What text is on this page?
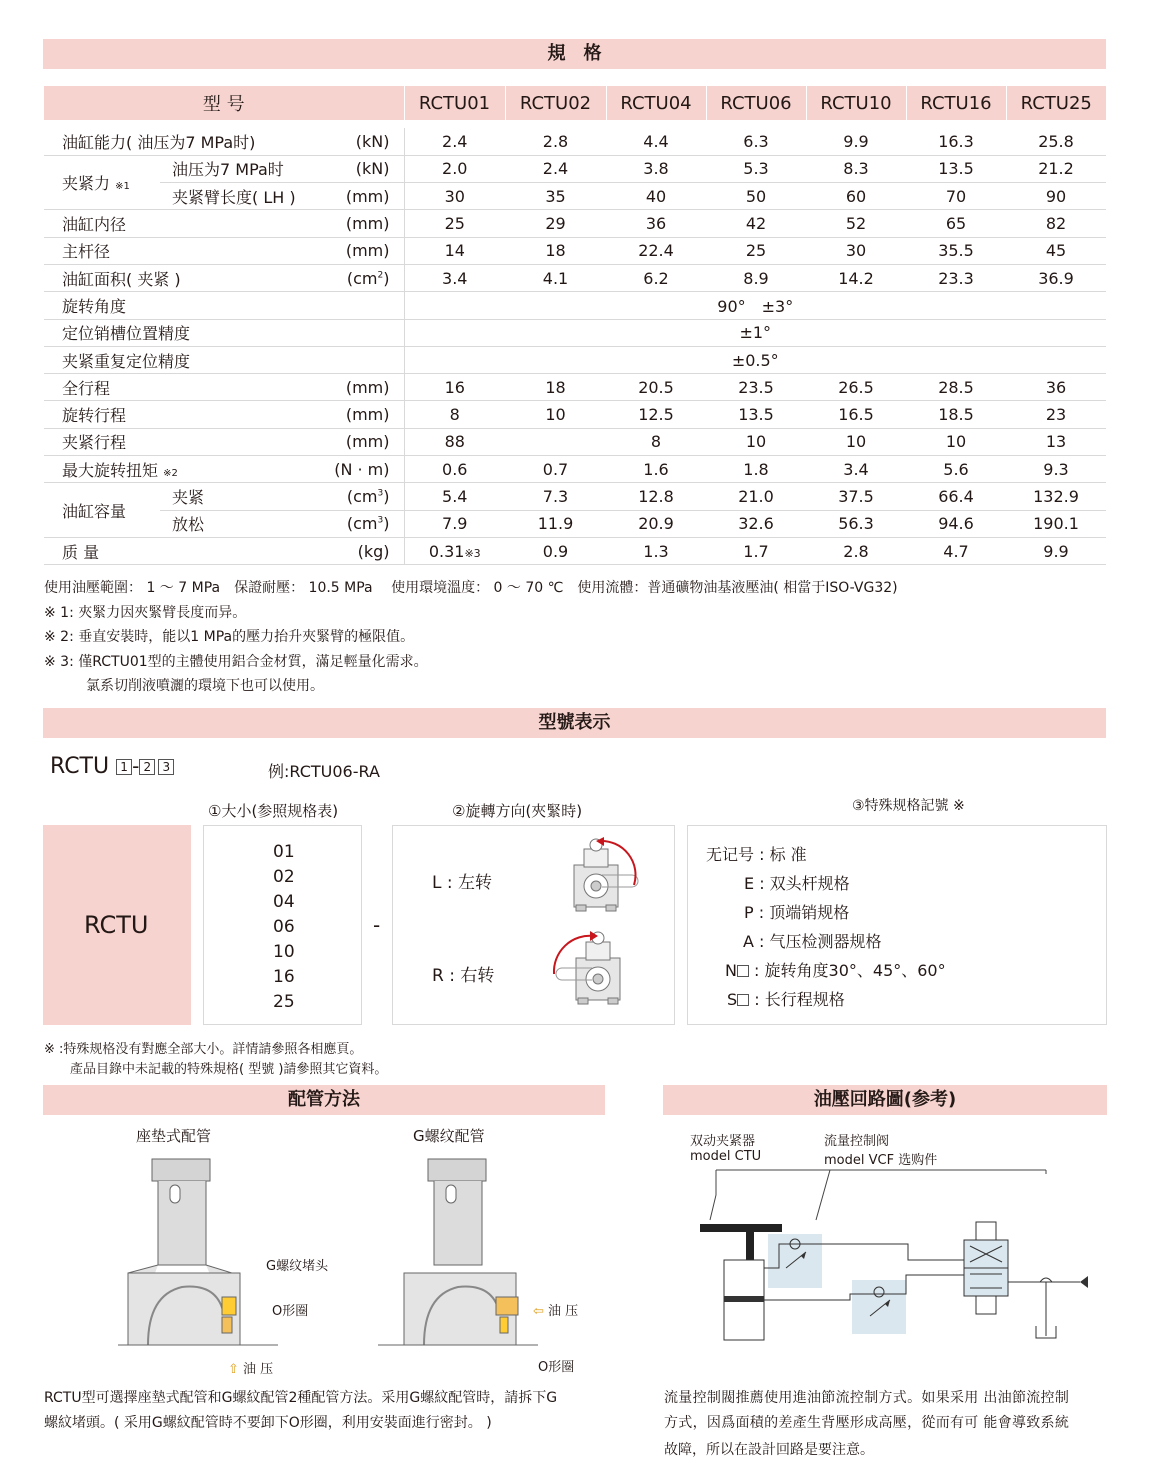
規　格
型 号			RCTU01	RCTU02	RCTU04	RCTU06	RCTU10	RCTU16	RCTU25

油缸能力( 油压为7 MPa时)		(kN)	2.4	2.8	4.4	6.3	9.9	16.3	25.8
夹紧力 ※1	油压为7 MPa时	(kN)	2.0	2.4	3.8	5.3	8.3	13.5	21.2
	夹紧臂长度( LH )	(mm)	30	35	40	50	60	70	90
油缸内径		(mm)	25	29	36	42	52	65	82
主杆径		(mm)	14	18	22.4	25	30	35.5	45
油缸面积( 夹紧 )		$(cm^2)$	3.4	4.1	6.2	8.9	14.2	23.3	36.9
旋转角度			90°　±3°						
定位销槽位置精度			±1°						
夹紧重复定位精度			±0.5°						
全行程		(mm)	16	18	20.5	23.5	26.5	28.5	36
旋转行程		(mm)	8	10	12.5	13.5	16.5	18.5	23
夹紧行程		(mm)	88		8	10	10	10	13
最大旋转扭矩 ※2		(N · m)	0.6	0.7	1.6	1.8	3.4	5.6	9.3
油缸容量	夹紧	$(cm^3)$	5.4	7.3	12.8	21.0	37.5	66.4	132.9
	放松	$(cm^3)$	7.9	11.9	20.9	32.6	56.3	94.6	190.1
质 量		(kg)	0.31※3	0.9	1.3	1.7	2.8	4.7	9.9
使用油壓範圍： 1 ～ 7 MPa　保證耐壓： 10.5 MPa　 使用環境溫度： 0 ～ 70 ℃　使用流體：普通礦物油基液壓油( 相當于ISO-VG32)
※ 1: 夾緊力因夾緊臂長度而异。
※ 2: 垂直安裝時，能以1 MPa的壓力抬升夾緊臂的極限值。
※ 3: 僅RCTU01型的主體使用鋁合金材質，滿足輕量化需求。
氯系切削液噴灑的環境下也可以使用。
型號表示
RCTU 1 - 2 3	例:RCTU06-RA
①大小(参照规格表)	②旋轉方向(夾緊時)	③特殊规格記號 ※
RCTU
01
02
04
06
10
16
25
-
L : 左转
R : 右转
无记号 : 标 准
E : 双头杆规格
P : 顶端销规格
A : 气压检测器规格
N : 旋转角度30°、45°、60°
S : 长行程规格
※ :特殊规格没有對應全部大小。詳情請參照各相應頁。
產品目錄中未記載的特殊規格( 型號 )請參照其它資料。
配管方法
座垫式配管	G螺纹配管
G螺纹堵头
O形圈
⇧ 油 压
⇦ 油 压
O形圈
RCTU型可選擇座墊式配管和G螺紋配管2種配管方法。采用G螺紋配管時，請拆下G
螺紋堵頭。( 采用G螺紋配管時不要卸下O形圈，利用安裝面進行密封。 )
油壓回路圖(参考)
双动夹紧器
model CTU
流量控制阀
model VCF 选购件
流量控制閥推薦使用進油節流控制方式。如果采用 出油節流控制
方式，因爲面積的差產生背壓形成高壓，從而有可 能會導致系統
故障，所以在設計回路是要注意。
